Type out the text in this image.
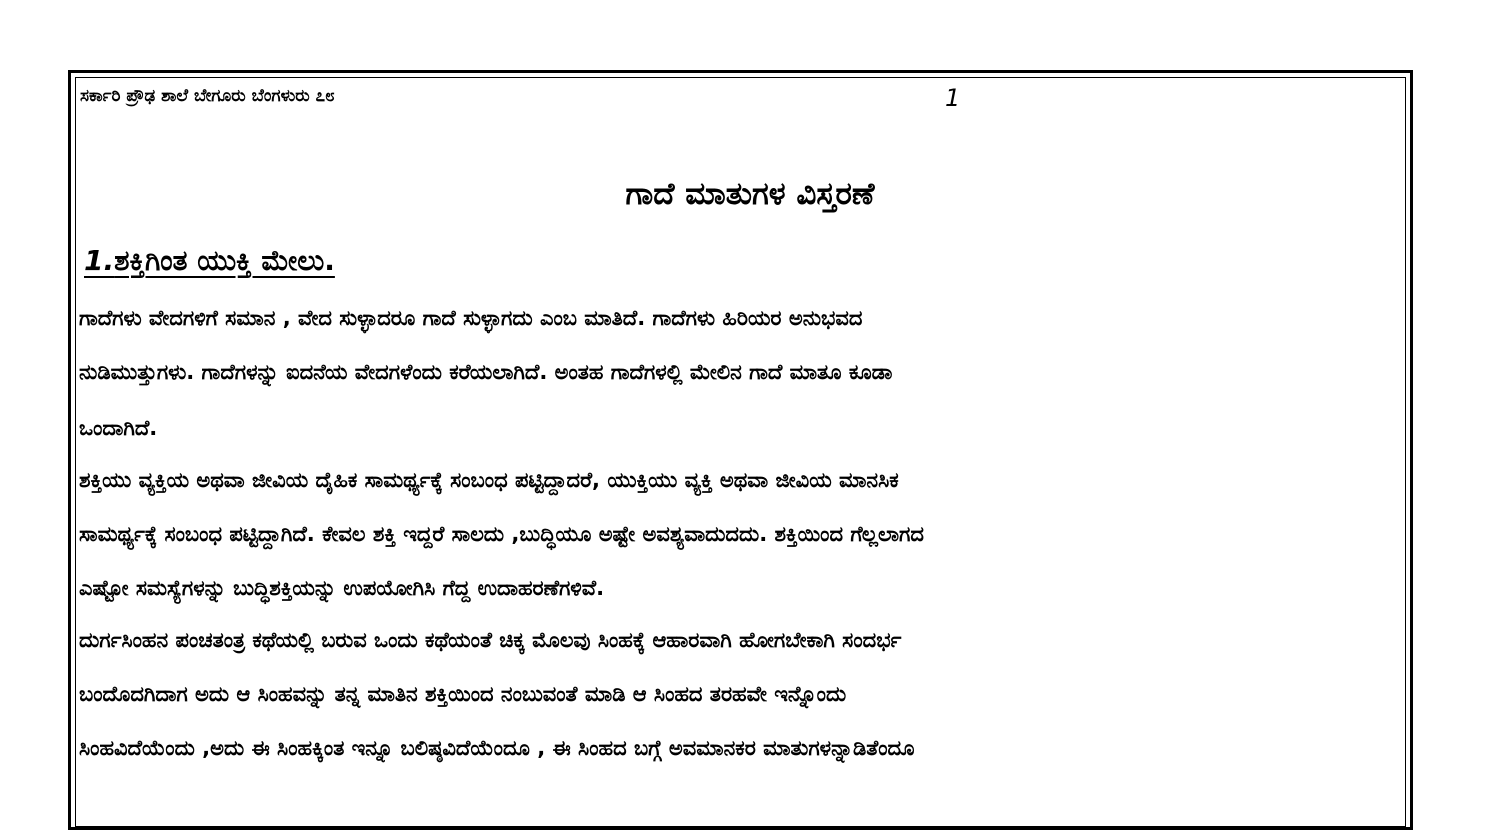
ಸರ್ಕಾರಿ ಪ್ರೌಢ ಶಾಲೆ ಬೇಗೂರು ಬೆಂಗಳುರು ೭೮	1
ಗಾದೆ ಮಾತುಗಳ ವಿಸ್ತರಣೆ
1.ಶಕ್ತಿಗಿಂತ ಯುಕ್ತಿ ಮೇಲು.
ಗಾದೆಗಳು ವೇದಗಳಿಗೆ ಸಮಾನ , ವೇದ ಸುಳ್ಳಾದರೂ ಗಾದೆ ಸುಳ್ಳಾಗದು ಎಂಬ ಮಾತಿದೆ. ಗಾದೆಗಳು ಹಿರಿಯರ ಅನುಭವದ
ನುಡಿಮುತ್ತುಗಳು. ಗಾದೆಗಳನ್ನು ಐದನೆಯ ವೇದಗಳೆಂದು ಕರೆಯಲಾಗಿದೆ. ಅಂತಹ ಗಾದೆಗಳಲ್ಲಿ ಮೇಲಿನ ಗಾದೆ ಮಾತೂ ಕೂಡಾ
ಒಂದಾಗಿದೆ.
ಶಕ್ತಿಯು ವ್ಯಕ್ತಿಯ ಅಥವಾ ಜೀವಿಯ ದೈಹಿಕ ಸಾಮರ್ಥ್ಯಕ್ಕೆ ಸಂಬಂಧ ಪಟ್ಟಿದ್ದಾದರೆ, ಯುಕ್ತಿಯು ವ್ಯಕ್ತಿ ಅಥವಾ ಜೀವಿಯ ಮಾನಸಿಕ
ಸಾಮರ್ಥ್ಯಕ್ಕೆ ಸಂಬಂಧ ಪಟ್ಟಿದ್ದಾಗಿದೆ. ಕೇವಲ ಶಕ್ತಿ ಇದ್ದರೆ ಸಾಲದು ,ಬುದ್ಧಿಯೂ ಅಷ್ಟೇ ಅವಶ್ಯವಾದುದದು. ಶಕ್ತಿಯಿಂದ ಗೆಲ್ಲಲಾಗದ
ಎಷ್ಟೋ ಸಮಸ್ಯೆಗಳನ್ನು ಬುದ್ಧಿಶಕ್ತಿಯನ್ನು ಉಪಯೋಗಿಸಿ ಗೆದ್ದ ಉದಾಹರಣೆಗಳಿವೆ.
ದುರ್ಗಸಿಂಹನ ಪಂಚತಂತ್ರ ಕಥೆಯಲ್ಲಿ ಬರುವ ಒಂದು ಕಥೆಯಂತೆ ಚಿಕ್ಕ ಮೊಲವು ಸಿಂಹಕ್ಕೆ ಆಹಾರವಾಗಿ ಹೋಗಬೇಕಾಗಿ ಸಂದರ್ಭ
ಬಂದೊದಗಿದಾಗ ಅದು ಆ ಸಿಂಹವನ್ನು ತನ್ನ ಮಾತಿನ ಶಕ್ತಿಯಿಂದ ನಂಬುವಂತೆ ಮಾಡಿ ಆ ಸಿಂಹದ ತರಹವೇ ಇನ್ನೊಂದು
ಸಿಂಹವಿದೆಯೆಂದು ,ಅದು ಈ ಸಿಂಹಕ್ಕಿಂತ ಇನ್ನೂ ಬಲಿಷ್ಠವಿದೆಯೆಂದೂ , ಈ ಸಿಂಹದ ಬಗ್ಗೆ ಅವಮಾನಕರ ಮಾತುಗಳನ್ನಾಡಿತೆಂದೂ
